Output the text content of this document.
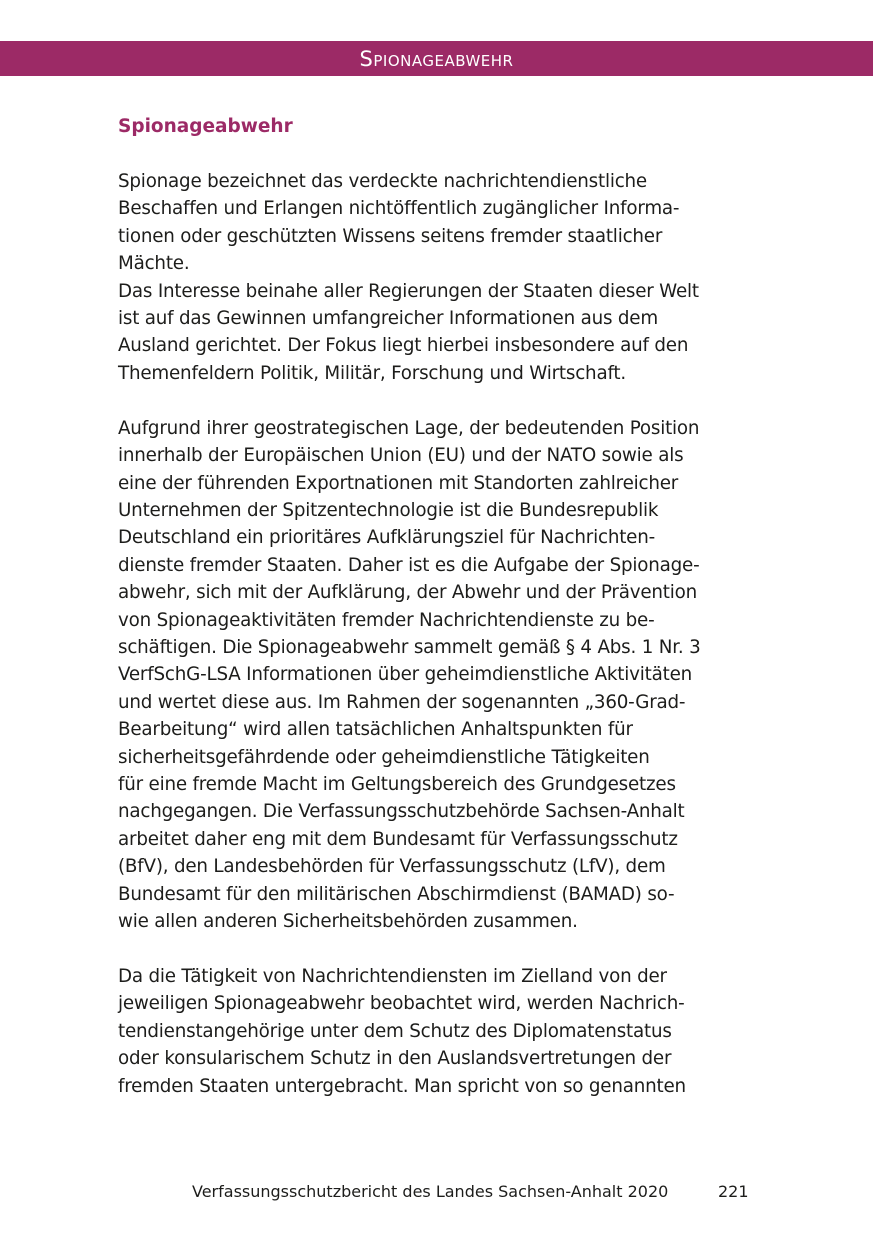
Spionageabwehr
Spionageabwehr

Spionage bezeichnet das verdeckte nachrichtendienstliche
Beschaffen und Erlangen nichtöffentlich zugänglicher Informa-
tionen oder geschützten Wissens seitens fremder staatlicher
Mächte.
Das Interesse beinahe aller Regierungen der Staaten dieser Welt
ist auf das Gewinnen umfangreicher Informationen aus dem
Ausland gerichtet. Der Fokus liegt hierbei insbesondere auf den
Themenfeldern Politik, Militär, Forschung und Wirtschaft.

Aufgrund ihrer geostrategischen Lage, der bedeutenden Position
innerhalb der Europäischen Union (EU) und der NATO sowie als
eine der führenden Exportnationen mit Standorten zahlreicher
Unternehmen der Spitzentechnologie ist die Bundesrepublik
Deutschland ein prioritäres Aufklärungsziel für Nachrichten-
dienste fremder Staaten. Daher ist es die Aufgabe der Spionage-
abwehr, sich mit der Aufklärung, der Abwehr und der Prävention
von Spionageaktivitäten fremder Nachrichtendienste zu be-
schäftigen. Die Spionageabwehr sammelt gemäß § 4 Abs. 1 Nr. 3
VerfSchG-LSA Informationen über geheimdienstliche Aktivitäten
und wertet diese aus. Im Rahmen der sogenannten „360-Grad-
Bearbeitung“ wird allen tatsächlichen Anhaltspunkten für
sicherheitsgefährdende oder geheimdienstliche Tätigkeiten
für eine fremde Macht im Geltungsbereich des Grundgesetzes
nachgegangen. Die Verfassungsschutzbehörde Sachsen-Anhalt
arbeitet daher eng mit dem Bundesamt für Verfassungsschutz
(BfV), den Landesbehörden für Verfassungsschutz (LfV), dem
Bundesamt für den militärischen Abschirmdienst (BAMAD) so-
wie allen anderen Sicherheitsbehörden zusammen.

Da die Tätigkeit von Nachrichtendiensten im Zielland von der
jeweiligen Spionageabwehr beobachtet wird, werden Nachrich-
tendienstangehörige unter dem Schutz des Diplomatenstatus
oder konsularischem Schutz in den Auslandsvertretungen der
fremden Staaten untergebracht. Man spricht von so genannten

Verfassungsschutzbericht des Landes Sachsen-Anhalt 2020	221
